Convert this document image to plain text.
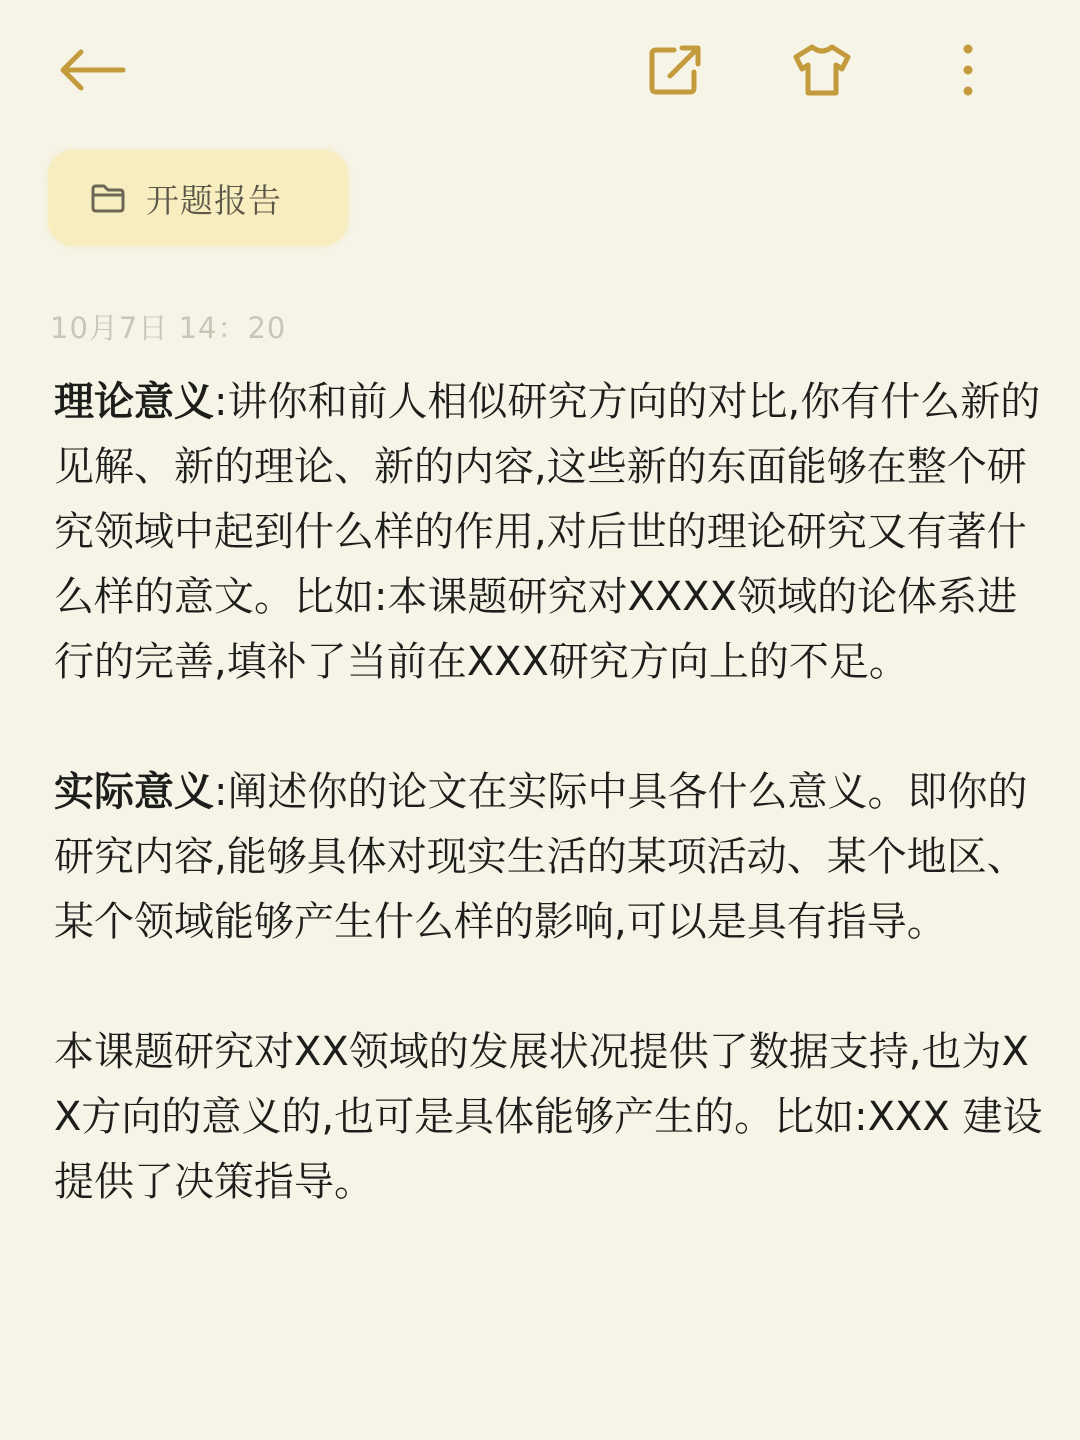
开题报告
10月7日 14：20

理论意义:讲你和前人相似研究方向的对比,你有什么新的见解、新的理论、新的内容,这些新的东面能够在整个研究领域中起到什么样的作用,对后世的理论研究又有著什么样的意文。比如:本课题研究对XXXX领域的论体系进行的完善,填补了当前在XXX研究方向上的不足。

实际意义:阐述你的论文在实际中具各什么意义。即你的研究内容,能够具体对现实生活的某项活动、某个地区、某个领域能够产生什么样的影响,可以是具有指导。

本课题研究对XX领域的发展状况提供了数据支持,也为XX方向的意义的,也可是具体能够产生的。比如:XXX 建设提供了决策指导。
